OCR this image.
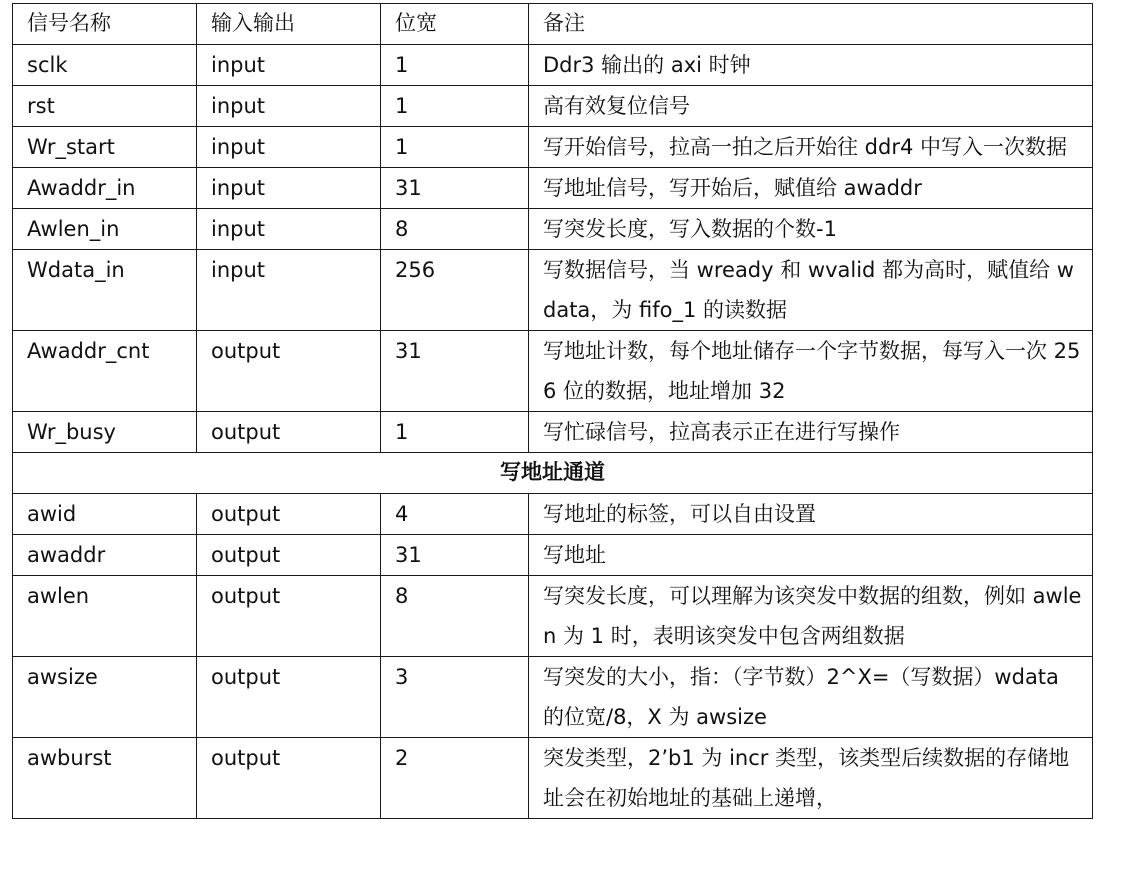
信号名称	输入输出	位宽	备注
sclk	input	1	Ddr3 输出的 axi 时钟
rst	input	1	高有效复位信号
Wr_start	input	1	写开始信号，拉高一拍之后开始往 ddr4 中写入一次数据
Awaddr_in	input	31	写地址信号，写开始后，赋值给 awaddr
Awlen_in	input	8	写突发长度，写入数据的个数-1
Wdata_in	input	256	写数据信号，当 wready 和 wvalid 都为高时，赋值给 wdata，为 fifo_1 的读数据
Awaddr_cnt	output	31	写地址计数，每个地址储存一个字节数据，每写入一次 256 位的数据，地址增加 32
Wr_busy	output	1	写忙碌信号，拉高表示正在进行写操作
写地址通道			
awid	output	4	写地址的标签，可以自由设置
awaddr	output	31	写地址
awlen	output	8	写突发长度，可以理解为该突发中数据的组数，例如 awlen 为 1 时，表明该突发中包含两组数据
awsize	output	3	写突发的大小，指：（字节数）2^X=（写数据）wdata 的位宽/8，X 为 awsize
awburst	output	2	突发类型，2’b1 为 incr 类型，该类型后续数据的存储地址会在初始地址的基础上递增，
